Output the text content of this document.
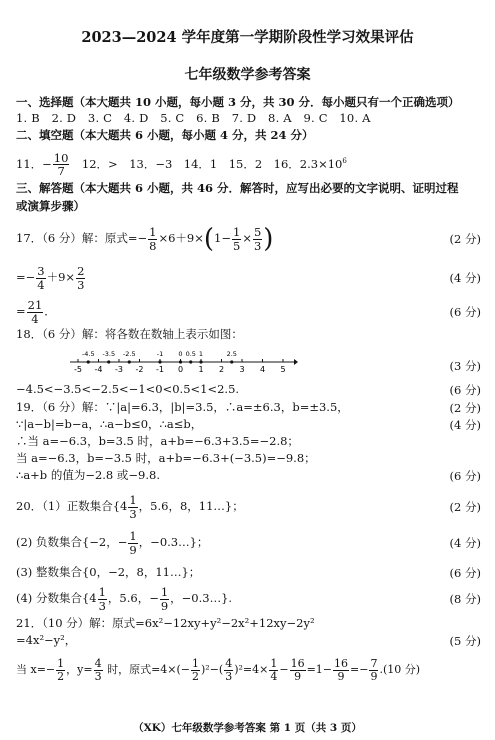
2023—2024 学年度第一学期阶段性学习效果评估
七年级数学参考答案
一、选择题（本大题共 10 小题，每小题 3 分，共 30 分．每小题只有一个正确选项）
1. B　2. D　3. C　4. D　5. C　6. B　7. D　8. A　9. C　10. A
二、填空题（本大题共 6 小题，每小题 4 分，共 24 分）
11．− $\frac{10}{7}$
　 12．>　13．−3　14．1　15．2　16．$2.3\times 10^6$
三、解答题（本大题共 6 小题，共 46 分．解答时，应写出必要的文字说明、证明过程
或演算步骤）
17．（6 分）解：原式=− $\frac{1}{8} \times 6+9\times(1- \frac{1}{5} \times \frac{5}{3}$ )	(2 分)
=− $\frac{3}{4} +9\times \frac{2}{3}$	(4 分)
= $\frac{21}{4}$ ．	(6 分)
18．（6 分）解：将各数在数轴上表示如图：
-5 -4 -3 -2 -1 0 1 2 3 4 5
-4.5 -3.5 -2.5	-1 0 0.5 1	2.5
(3 分)
−4.5<−3.5<−2.5<−1<0<0.5<1<2.5.	(6 分)
19．（6 分）解：∵|a|=6.3，|b|=3.5，∴a=±6.3，b=±3.5，	(2 分)
∵|a−b|=b−a，∴a−b≤0，∴a≤b，	(4 分)
∴当 a=−6.3，b=3.5 时，a+b=−6.3+3.5=−2.8；
当 a=−6.3，b=−3.5 时，a+b=−6.3+(−3.5)=−9.8；
∴a+b 的值为−2.8 或−9.8.	(6 分)
20．（1）正数集合{$4 \frac{1}{3}$ ，5.6，8，11…}；	(2 分)
(2) 负数集合{−2，− $\frac{1}{9}$ ，−0.3…}；	(4 分)
(3) 整数集合{0，−2，8，11…}；	(6 分)
(4) 分数集合{$4 \frac{1}{3}$ ，5.6，− $\frac{1}{9}$ ，−0.3…}.	(8 分)
21．（10 分）解：原式=6x²−12xy+y²−2x²+12xy−2y²
=4x²−y²，	(5 分)
当 $x=- \frac{1}{2}$ ，$y= \frac{4}{3}$ 时，原式$=4\times(- \frac{1}{2} )^2-( \frac{4}{3} )^2=4\times \frac{1}{4} - \frac{16}{9} =1- \frac{16}{9} =- \frac{7}{9} .(10$ 分)
（XK）七年级数学参考答案 第 1 页（共 3 页）
